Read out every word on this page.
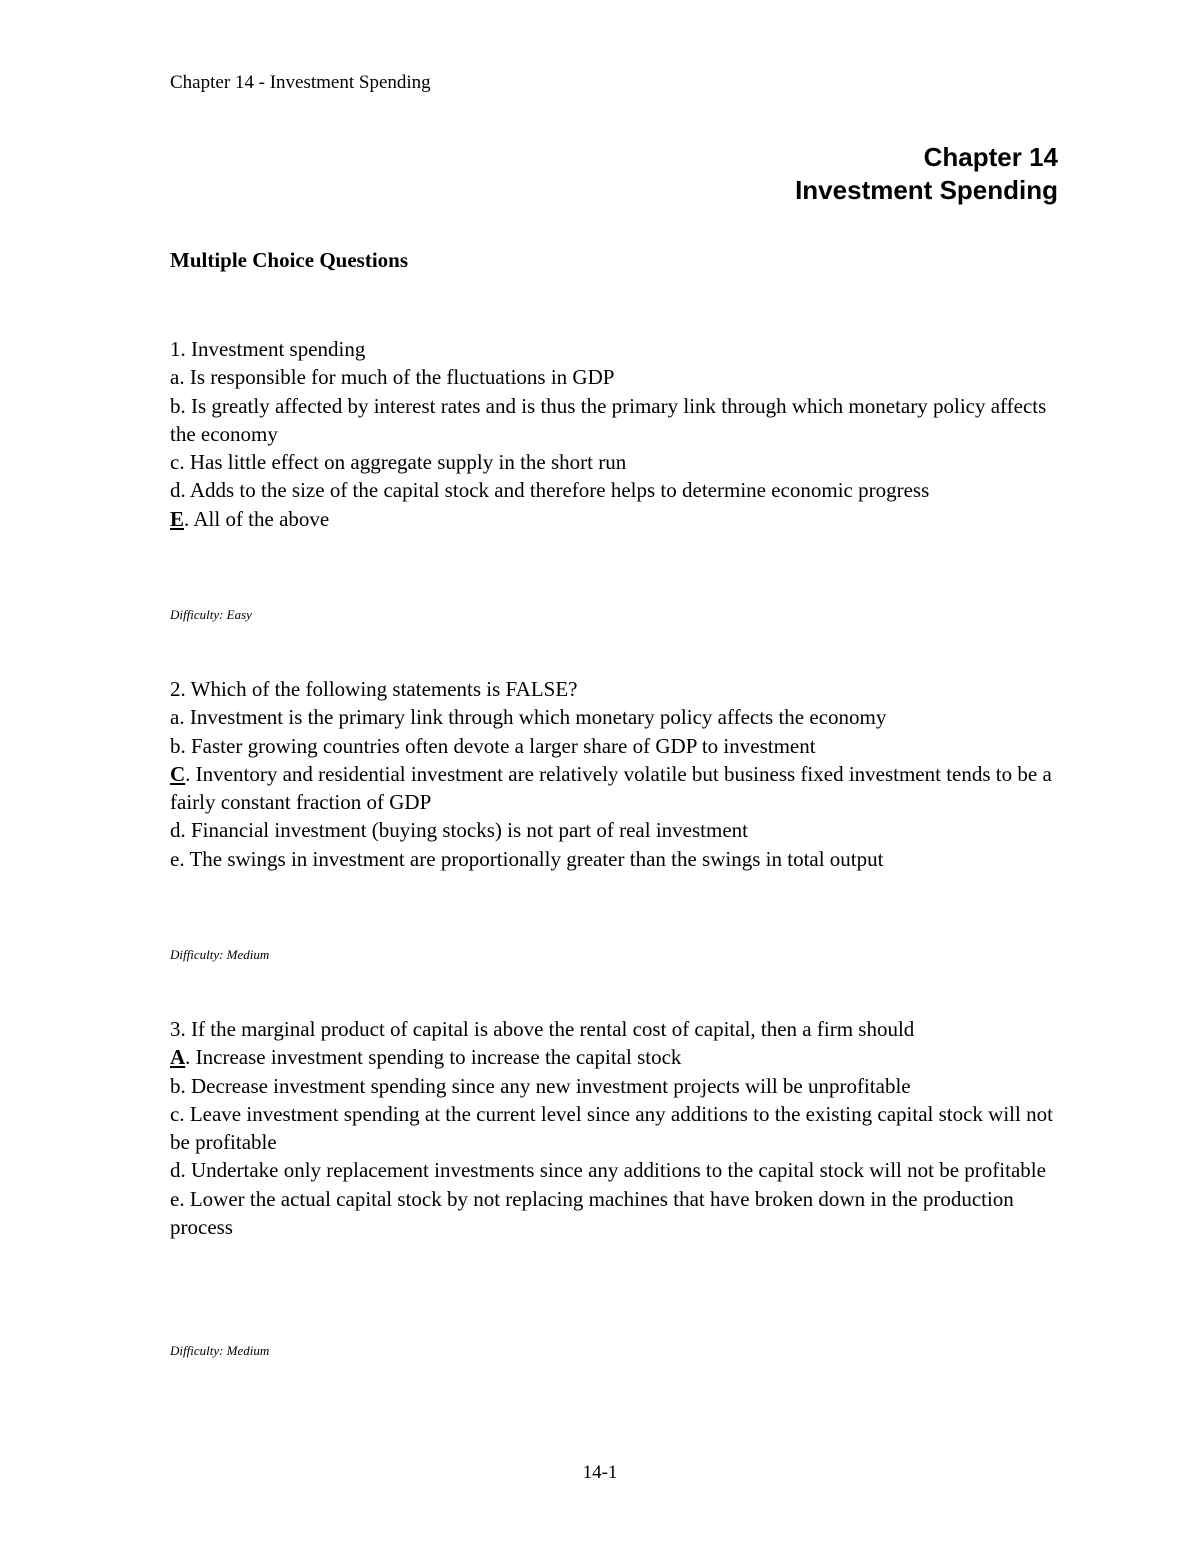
Chapter 14 - Investment Spending
Chapter 14
Investment Spending
Multiple Choice Questions
1. Investment spending
a. Is responsible for much of the fluctuations in GDP
b. Is greatly affected by interest rates and is thus the primary link through which monetary policy affects the economy
c. Has little effect on aggregate supply in the short run
d. Adds to the size of the capital stock and therefore helps to determine economic progress
E. All of the above
Difficulty: Easy
2. Which of the following statements is FALSE?
a. Investment is the primary link through which monetary policy affects the economy
b. Faster growing countries often devote a larger share of GDP to investment
C. Inventory and residential investment are relatively volatile but business fixed investment tends to be a fairly constant fraction of GDP
d. Financial investment (buying stocks) is not part of real investment
e. The swings in investment are proportionally greater than the swings in total output
Difficulty: Medium
3. If the marginal product of capital is above the rental cost of capital, then a firm should
A. Increase investment spending to increase the capital stock
b. Decrease investment spending since any new investment projects will be unprofitable
c. Leave investment spending at the current level since any additions to the existing capital stock will not be profitable
d. Undertake only replacement investments since any additions to the capital stock will not be profitable
e. Lower the actual capital stock by not replacing machines that have broken down in the production process
Difficulty: Medium
14-1
